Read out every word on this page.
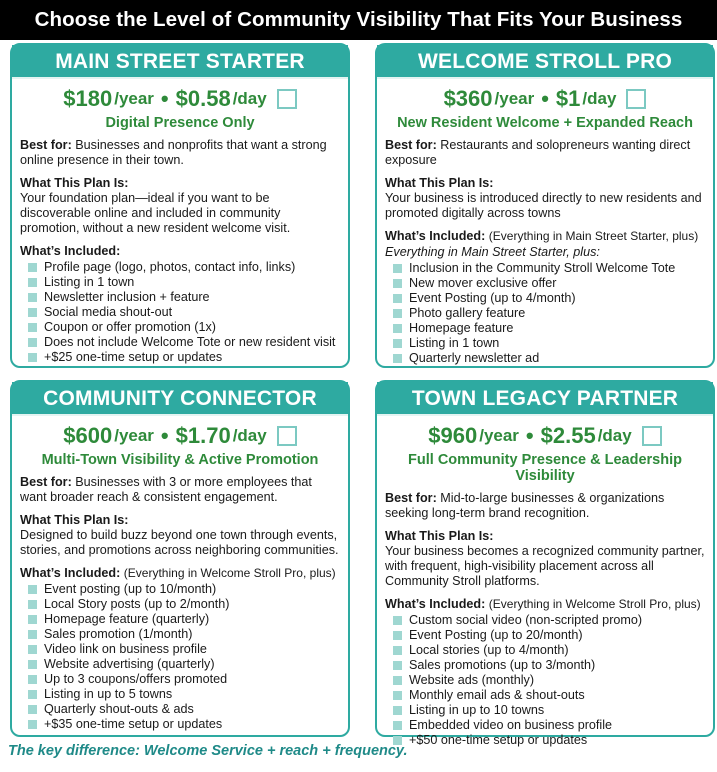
Choose the Level of Community Visibility That Fits Your Business
MAIN STREET STARTER
$180 /year • $0.58 /day
Digital Presence Only
Best for: Businesses and nonprofits that want a strong online presence in their town.
What This Plan Is:
Your foundation plan—ideal if you want to be discoverable online and included in community promotion, without a new resident welcome visit.
What’s Included:
Profile page (logo, photos, contact info, links)
Listing in 1 town
Newsletter inclusion + feature
Social media shout-out
Coupon or offer promotion (1x)
Does not include Welcome Tote or new resident visit
+$25 one-time setup or updates
WELCOME STROLL PRO
$360 /year • $1 /day
New Resident Welcome + Expanded Reach
Best for: Restaurants and solopreneurs wanting direct exposure
What This Plan Is:
Your business is introduced directly to new residents and promoted digitally across towns
What’s Included: (Everything in Main Street Starter, plus)
Everything in Main Street Starter, plus:
Inclusion in the Community Stroll Welcome Tote
New mover exclusive offer
Event Posting (up to 4/month)
Photo gallery feature
Homepage feature
Listing in 1 town
Quarterly newsletter ad
COMMUNITY CONNECTOR
$600 /year • $1.70 /day
Multi-Town Visibility & Active Promotion
Best for: Businesses with 3 or more employees that want broader reach & consistent engagement.
What This Plan Is:
Designed to build buzz beyond one town through events, stories, and promotions across neighboring communities.
What’s Included: (Everything in Welcome Stroll Pro, plus)
Event posting (up to 10/month)
Local Story posts (up to 2/month)
Homepage feature (quarterly)
Sales promotion (1/month)
Video link on business profile
Website advertising (quarterly)
Up to 3 coupons/offers promoted
Listing in up to 5 towns
Quarterly shout-outs & ads
+$35 one-time setup or updates
TOWN LEGACY PARTNER
$960 /year • $2.55 /day
Full Community Presence & Leadership Visibility
Best for: Mid-to-large businesses & organizations seeking long-term brand recognition.
What This Plan Is:
Your business becomes a recognized community partner, with frequent, high-visibility placement across all Community Stroll platforms.
What’s Included: (Everything in Welcome Stroll Pro, plus)
Custom social video (non-scripted promo)
Event Posting (up to 20/month)
Local stories (up to 4/month)
Sales promotions (up to 3/month)
Website ads (monthly)
Monthly email ads & shout-outs
Listing in up to 10 towns
Embedded video on business profile
+$50 one-time setup or updates
The key difference: Welcome Service + reach + frequency.
